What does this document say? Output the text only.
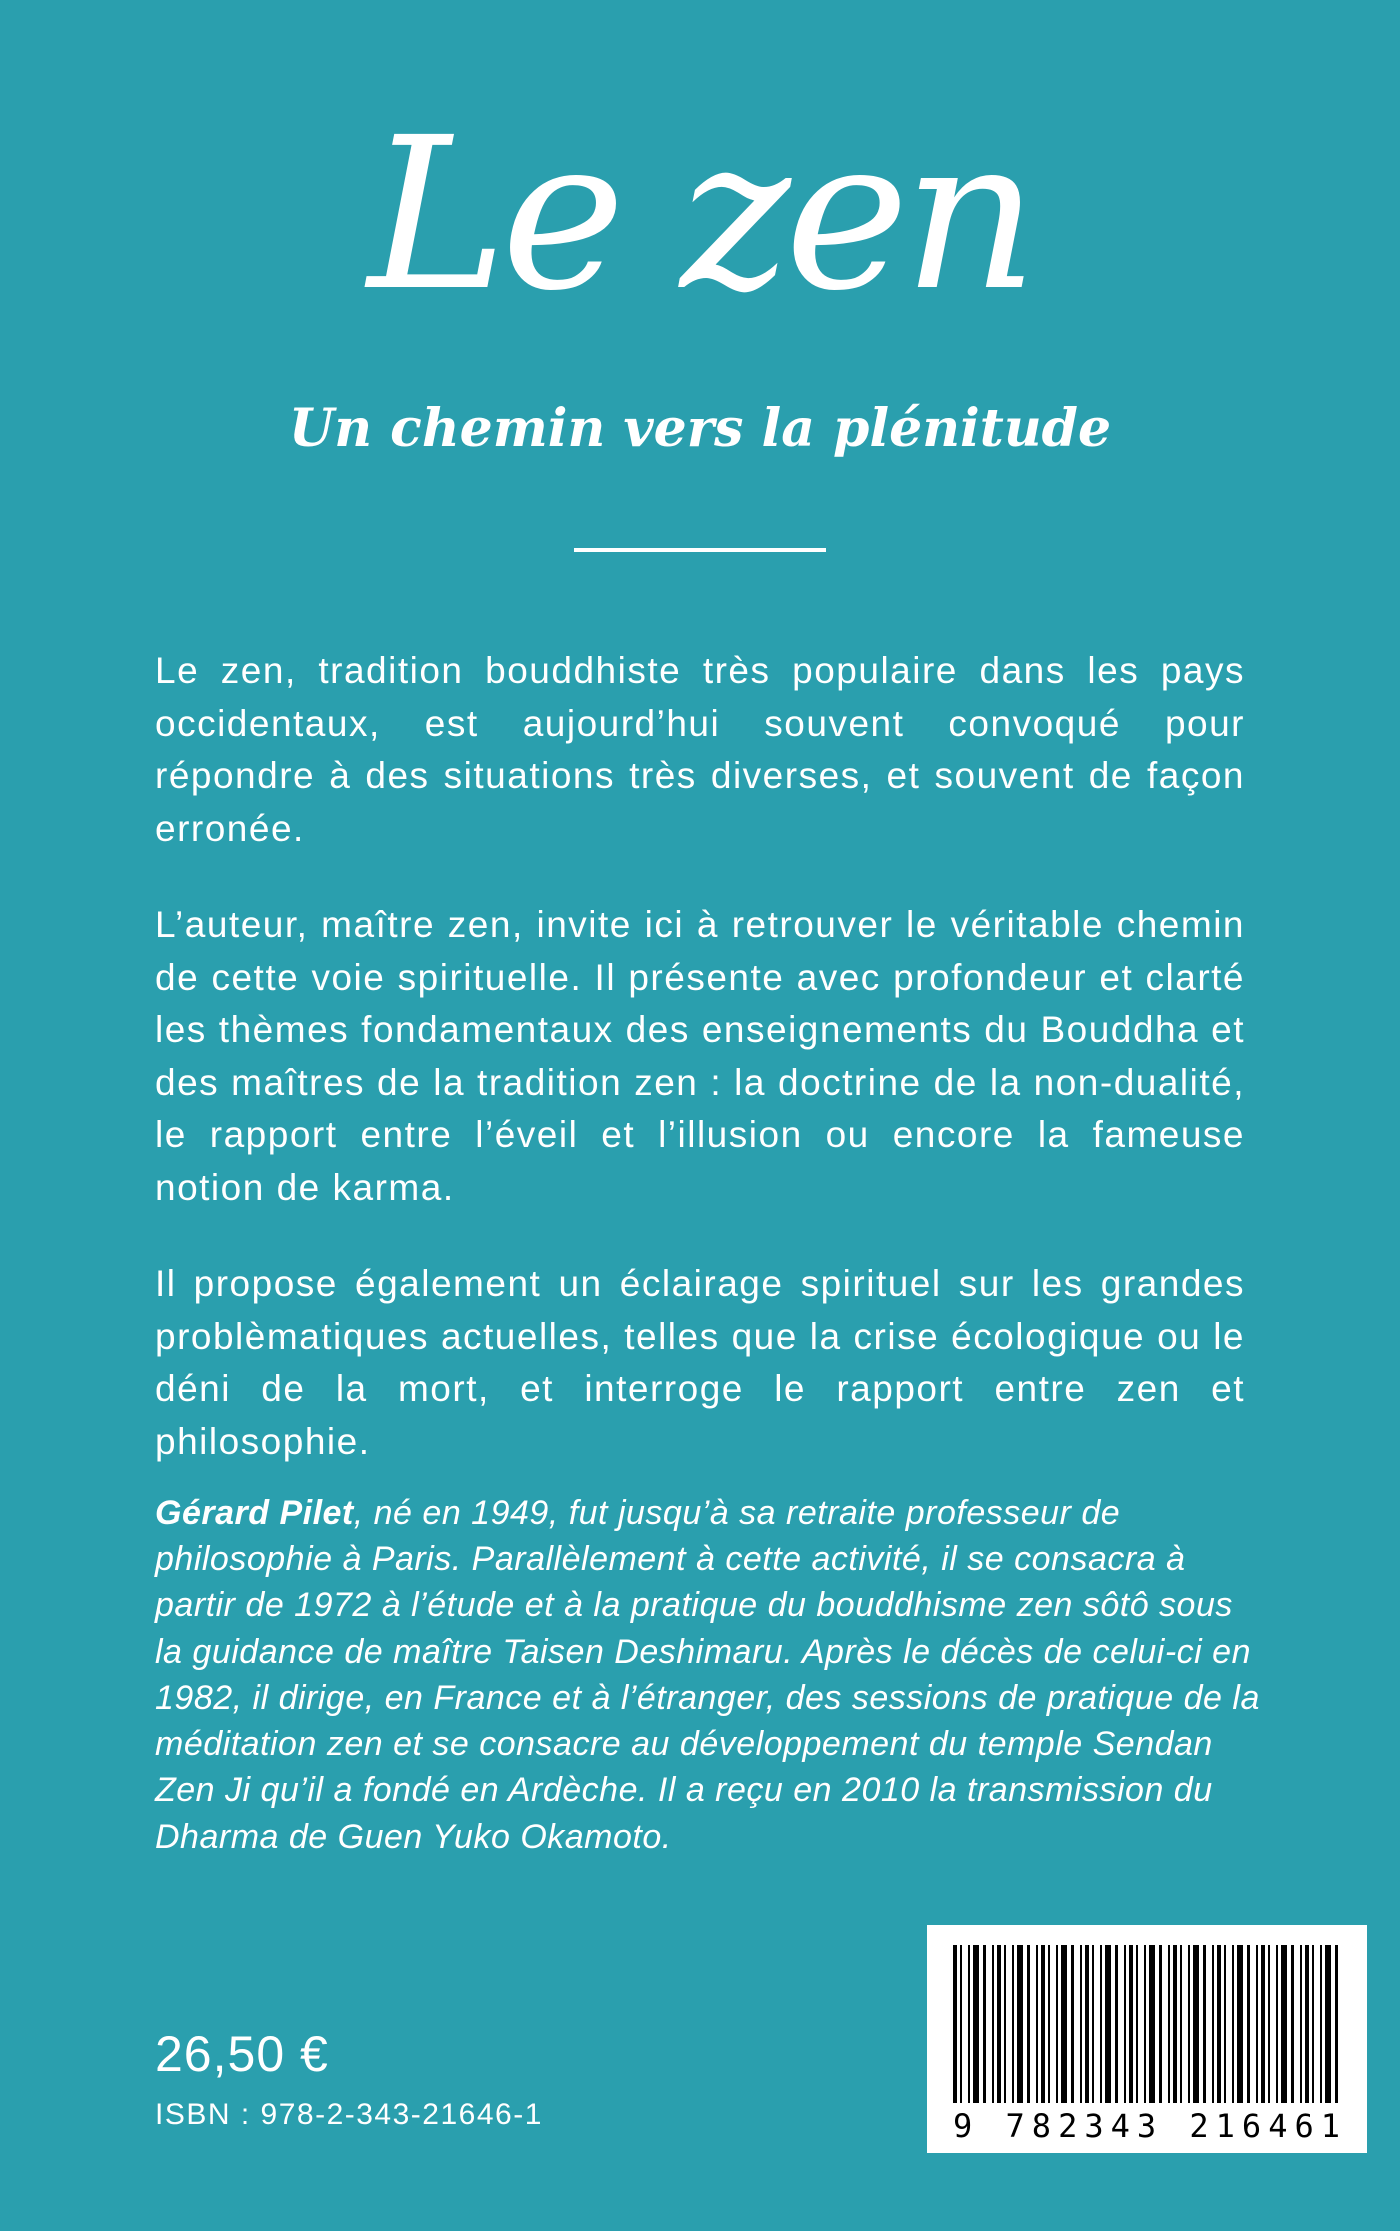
Le zen
Un chemin vers la plénitude

Le zen, tradition bouddhiste très populaire dans les pays occidentaux, est aujourd’hui souvent convoqué pour répondre à des situations très diverses, et souvent de façon erronée.

L’auteur, maître zen, invite ici à retrouver le véritable chemin de cette voie spirituelle. Il présente avec profondeur et clarté les thèmes fondamentaux des enseignements du Bouddha et des maîtres de la tradition zen : la doctrine de la non-dualité, le rapport entre l’éveil et l’illusion ou encore la fameuse notion de karma.

Il propose également un éclairage spirituel sur les grandes problèmatiques actuelles, telles que la crise écologique ou le déni de la mort, et interroge le rapport entre zen et philosophie.

Gérard Pilet, né en 1949, fut jusqu’à sa retraite professeur de philosophie à Paris. Parallèlement à cette activité, il se consacra à partir de 1972 à l’étude et à la pratique du bouddhisme zen sôtô sous la guidance de maître Taisen Deshimaru. Après le décès de celui-ci en 1982, il dirige, en France et à l’étranger, des sessions de pratique de la méditation zen et se consacre au développement du temple Sendan Zen Ji qu’il a fondé en Ardèche. Il a reçu en 2010 la transmission du Dharma de Guen Yuko Okamoto.
26,50 €
ISBN : 978-2-343-21646-1	9 782343 216461
